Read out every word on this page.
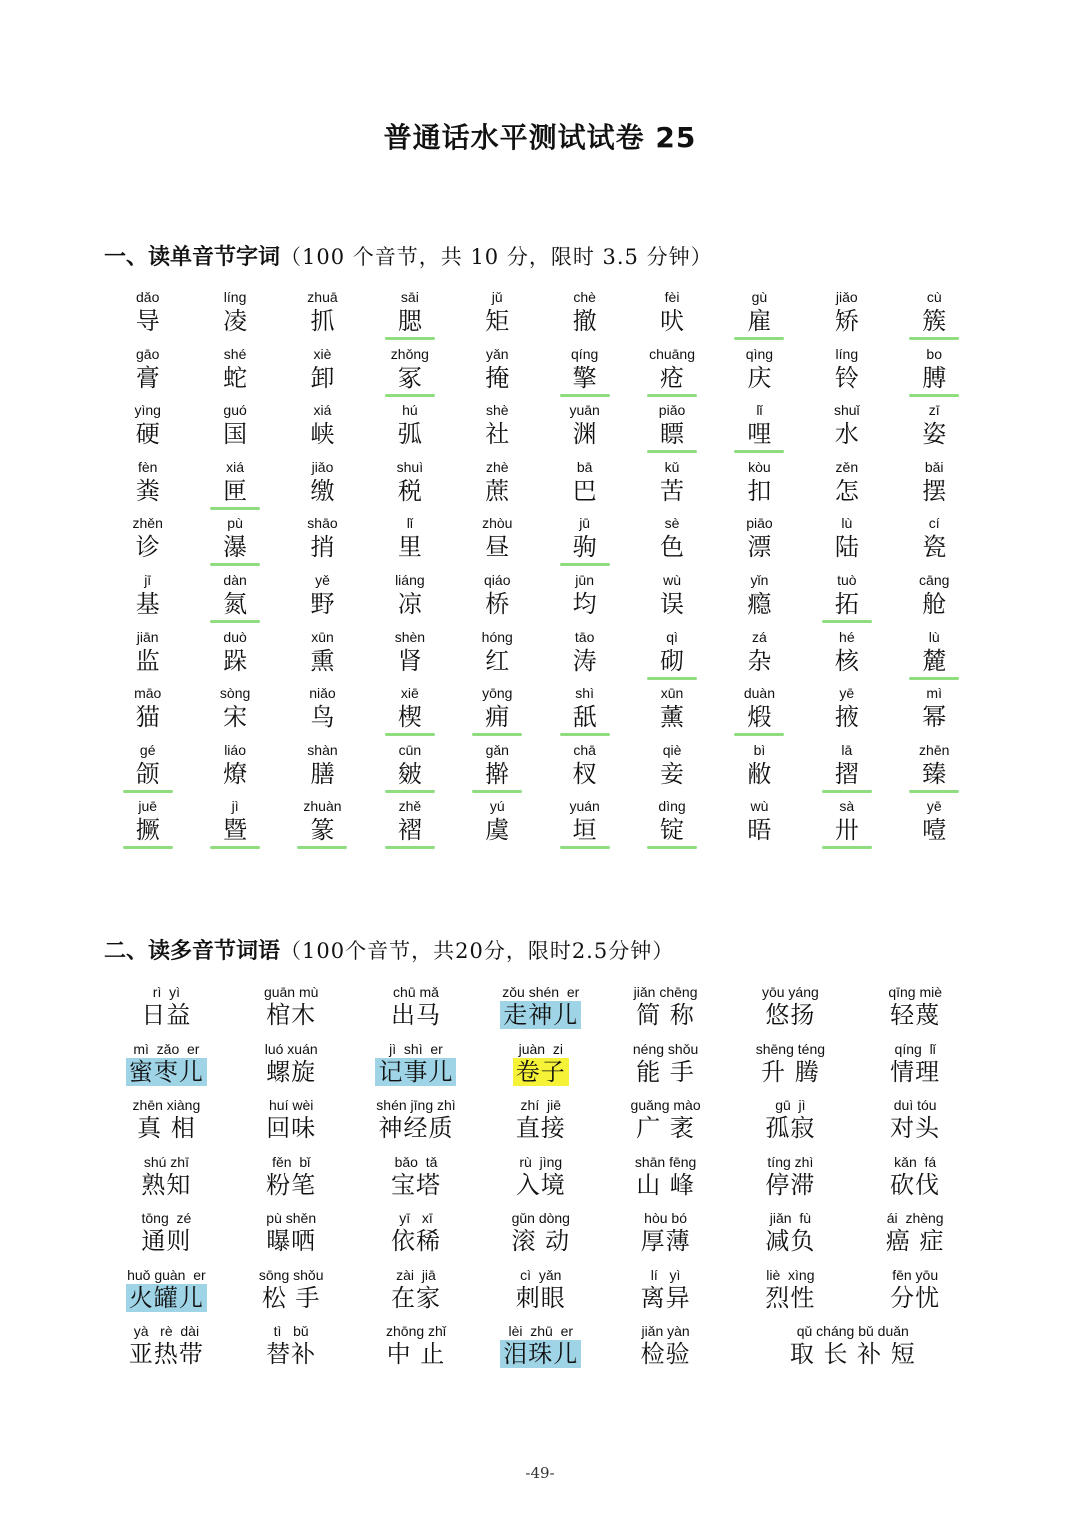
普通话水平测试试卷 25
一、读单音节字词（100 个音节，共 10 分，限时 3.5 分钟）
dǎo
导
líng
凌
zhuā
抓
sāi
腮
jǔ
矩
chè
撤
fèi
吠
gù
雇
jiǎo
矫
cù
簇
gāo
膏
shé
蛇
xiè
卸
zhǒng
冢
yǎn
掩
qíng
擎
chuāng
疮
qìng
庆
líng
铃
bo
膊
yìng
硬
guó
国
xiá
峡
hú
弧
shè
社
yuān
渊
piǎo
瞟
lǐ
哩
shuǐ
水
zī
姿
fèn
粪
xiá
匣
jiǎo
缴
shuì
税
zhè
蔗
bā
巴
kǔ
苦
kòu
扣
zěn
怎
bǎi
摆
zhěn
诊
pù
瀑
shāo
捎
lǐ
里
zhòu
昼
jū
驹
sè
色
piāo
漂
lù
陆
cí
瓷
jī
基
dàn
氮
yě
野
liáng
凉
qiáo
桥
jūn
均
wù
误
yǐn
瘾
tuò
拓
cāng
舱
jiān
监
duò
跺
xūn
熏
shèn
肾
hóng
红
tāo
涛
qì
砌
zá
杂
hé
核
lù
麓
māo
猫
sòng
宋
niǎo
鸟
xiē
楔
yōng
痈
shì
舐
xūn
薰
duàn
煅
yē
掖
mì
幂
gé
颌
liáo
燎
shàn
膳
cūn
皴
gǎn
擀
chā
杈
qiè
妾
bì
敝
lā
摺
zhēn
臻
juē
撅
jì
暨
zhuàn
篆
zhě
褶
yú
虞
yuán
垣
dìng
锭
wù
晤
sà
卅
yē
噎
二、读多音节词语（100个音节，共20分，限时2.5分钟）
rì  yì
日益
guān mù
棺木
chū mǎ
出马
zǒu shén  er
走神儿
jiǎn chēng
简 称
yōu yáng
悠扬
qīng miè
轻蔑
mì  zǎo  er
蜜枣儿
luó xuán
螺旋
jì  shì  er
记事儿
juàn  zi
卷子
néng shǒu
能 手
shēng téng
升 腾
qíng  lǐ
情理
zhēn xiàng
真 相
huí wèi
回味
shén jīng zhì
神经质
zhí  jiē
直接
guǎng mào
广 袤
gū  jì
孤寂
duì tóu
对头
shú zhī
熟知
fěn  bǐ
粉笔
bǎo  tǎ
宝塔
rù  jìng
入境
shān fēng
山 峰
tíng zhì
停滞
kǎn  fá
砍伐
tōng  zé
通则
pù shěn
曝哂
yī   xī
依稀
gǔn dòng
滚 动
hòu bó
厚薄
jiǎn  fù
减负
ái  zhèng
癌 症
huǒ guàn  er
火罐儿
sōng shǒu
松 手
zài  jiā
在家
cì  yǎn
刺眼
lí   yì
离异
liè  xìng
烈性
fēn yōu
分忧
yà   rè  dài
亚热带
tì   bǔ
替补
zhōng zhǐ
中 止
lèi  zhū  er
泪珠儿
jiǎn yàn
检验
qǔ cháng bǔ duǎn
取 长 补 短
-49-
